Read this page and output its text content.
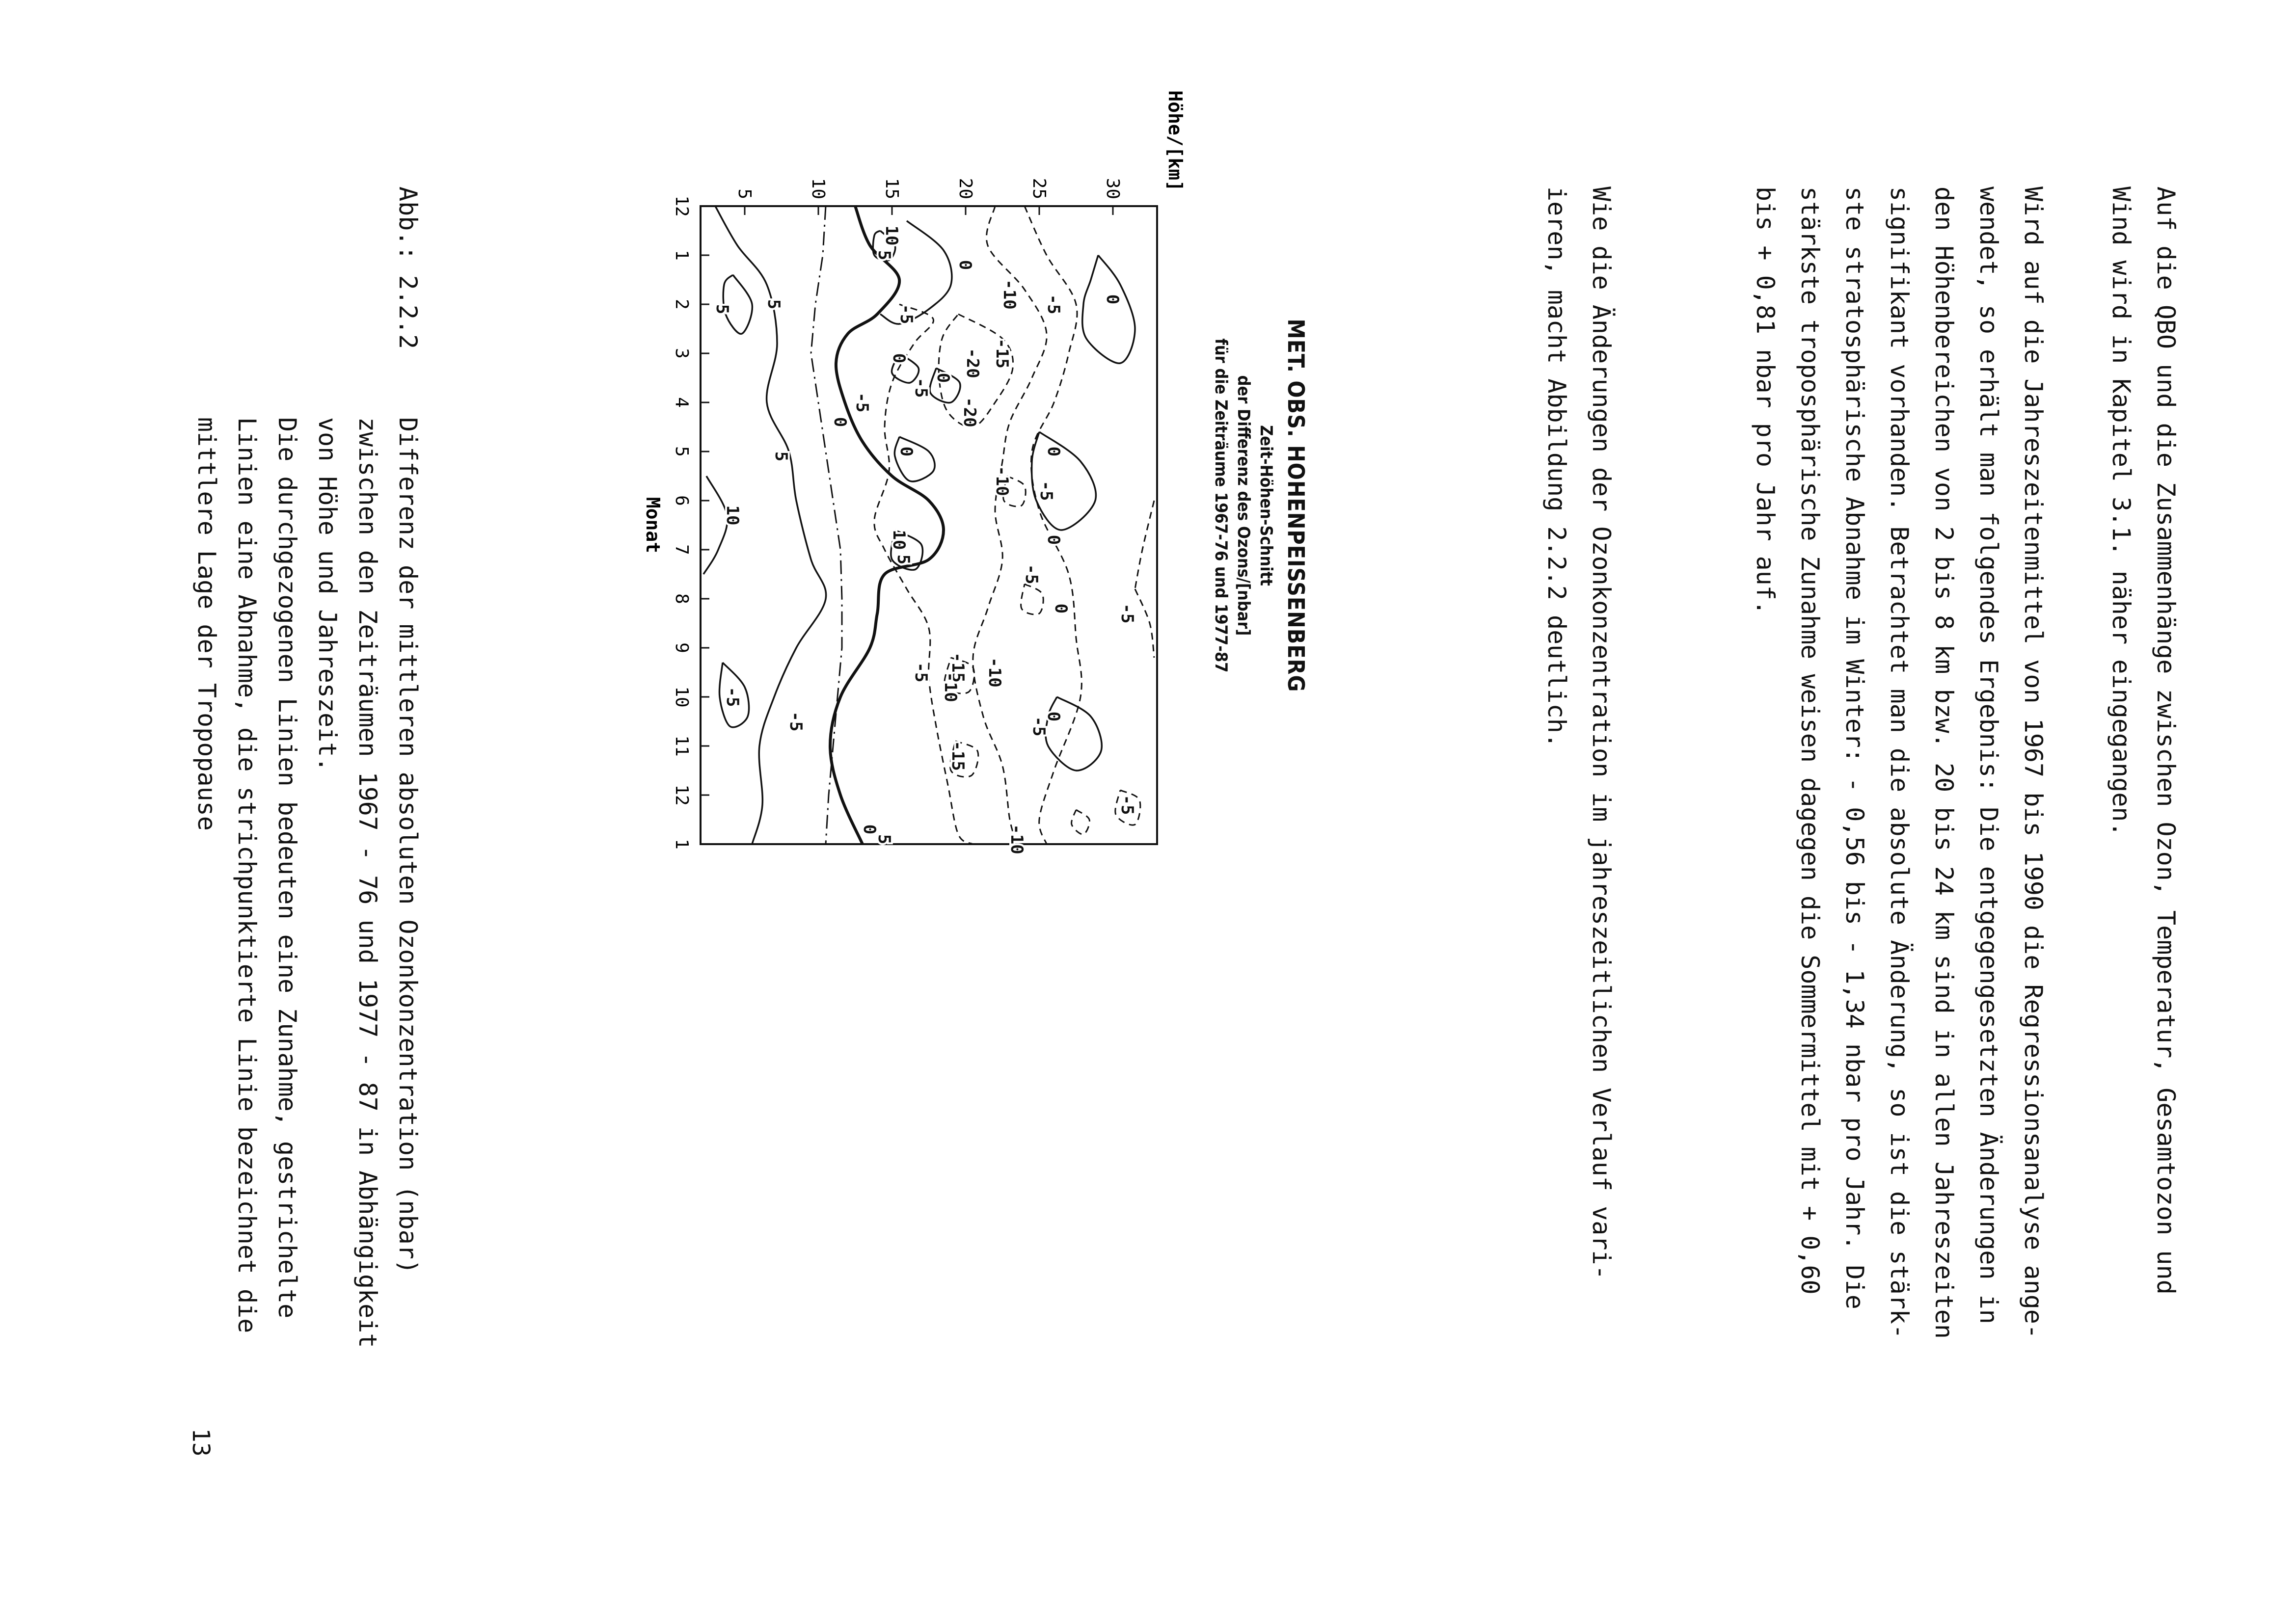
Auf die QBO und die Zusammenhänge zwischen Ozon, Temperatur, Gesamtozon und
Wind wird in Kapitel 3.1. näher eingegangen.

Wird auf die Jahreszeitenmittel von 1967 bis 1990 die Regressionsanalyse ange-
wendet, so erhält man folgendes Ergebnis: Die entgegengesetzten Änderungen in
den Höhenbereichen von 2 bis 8 km bzw. 20 bis 24 km sind in allen Jahreszeiten
signifikant vorhanden. Betrachtet man die absolute Änderung, so ist die stärk-
ste stratosphärische Abnahme im Winter: - 0,56 bis - 1,34 nbar pro Jahr. Die
stärkste troposphärische Zunahme weisen dagegen die Sommermittel mit + 0,60
bis + 0,81 nbar pro Jahr auf.

Wie die Änderungen der Ozonkonzentration im jahreszeitlichen Verlauf vari-
ieren, macht Abbildung 2.2.2 deutlich.

MET. OBS. HOHENPEISSENBERG
Zeit-Höhen-Schnitt
der Differenz des Ozons/[nbar]
für die Zeiträume 1967-76 und 1977-87
5	10	15	20	25	30
12
1
2
3
4
5
6
7
8
9
10
11
12
1
Höhe/[km]
Monat
10
5
0
-10 -5 0
5
5	-5
-20 -15
0
0
-5
-5	-20
0
0	0
5
-10 -5
10
10
5
0
-5
-5
0
-5 -15
-10 -10
-5
-5	0
-5
-15
-5
0	-10
5
Abb.: 2.2.2
Differenz der mittleren absoluten Ozonkonzentration (nbar)
zwischen den Zeiträumen 1967 - 76 und 1977 - 87 in Abhängigkeit
von Höhe und Jahreszeit.
Die durchgezogenen Linien bedeuten eine Zunahme, gestrichelte
Linien eine Abnahme, die strichpunktierte Linie bezeichnet die
mittlere Lage der Tropopause
13
